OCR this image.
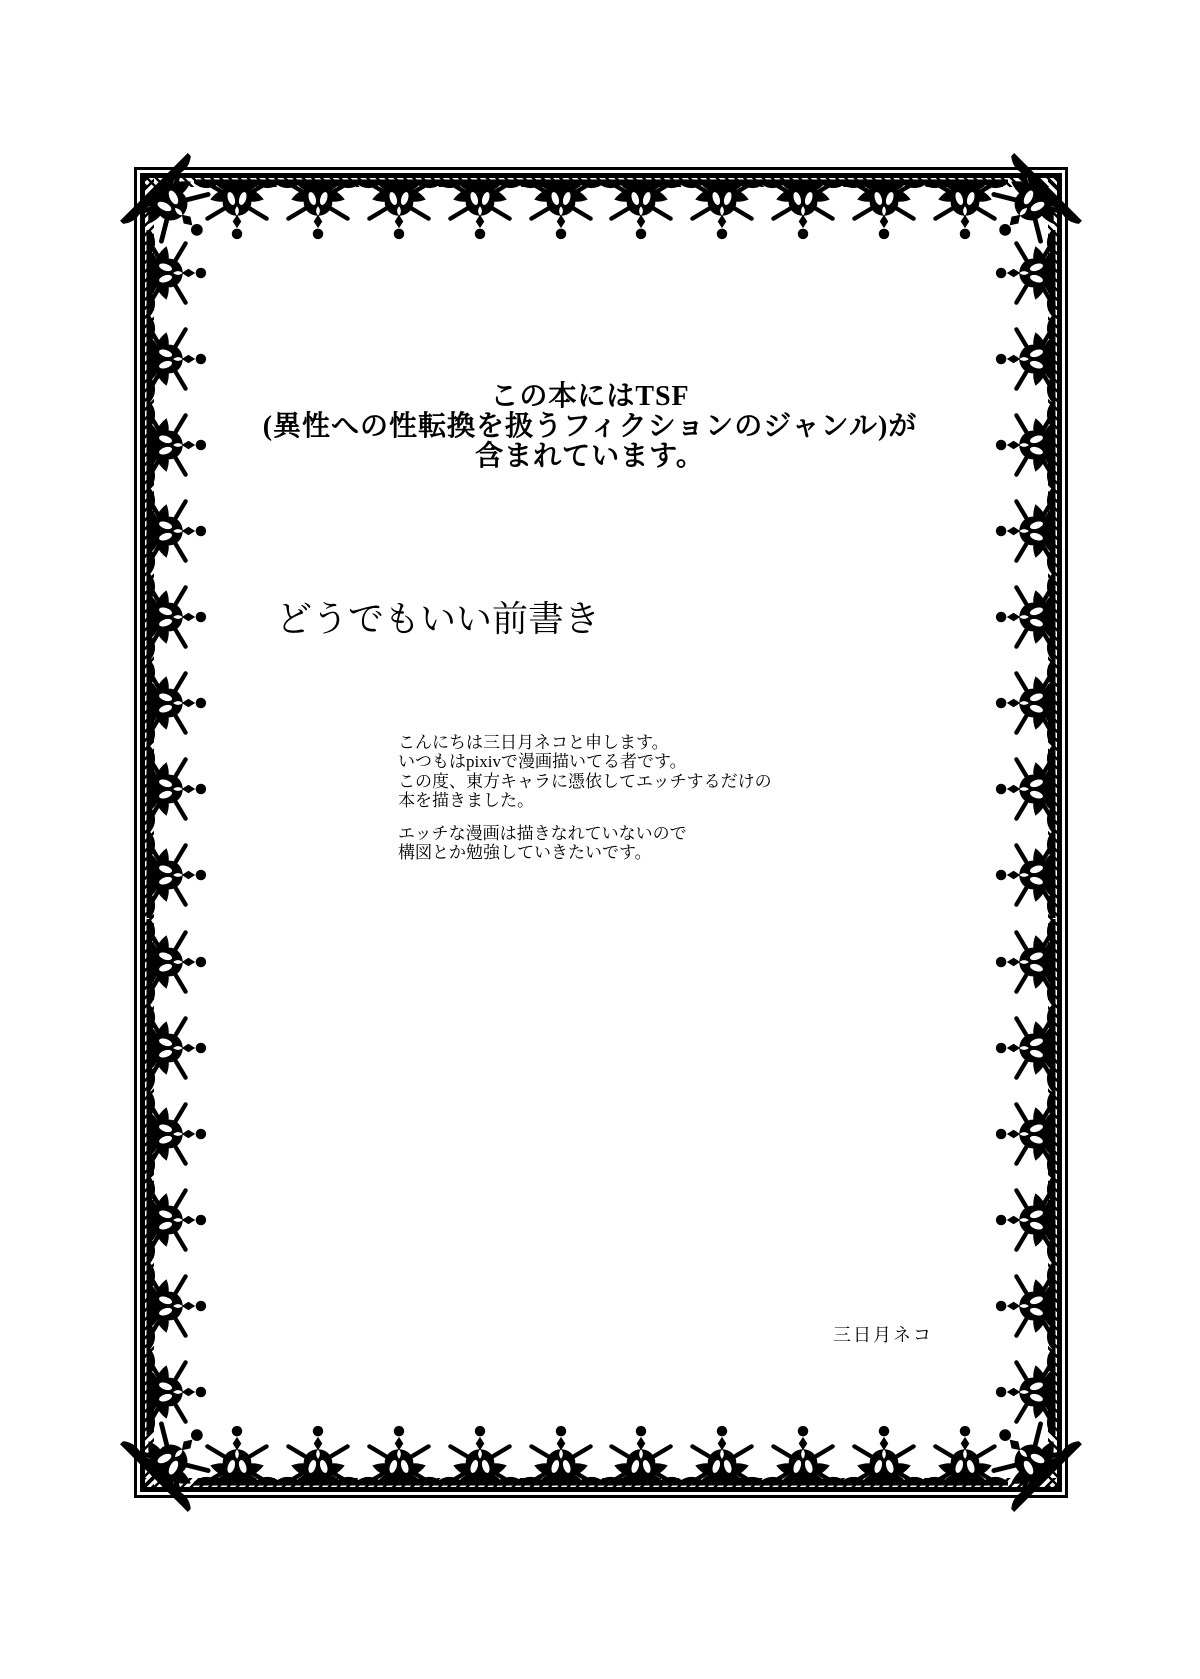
この本にはTSF
(異性への性転換を扱うフィクションのジャンル)が
含まれています。
どうでもいい前書き

こんにちは三日月ネコと申します。
いつもはpixivで漫画描いてる者です。
この度、東方キャラに憑依してエッチするだけの
本を描きました。

エッチな漫画は描きなれていないので
構図とか勉強していきたいです。

三日月ネコ
